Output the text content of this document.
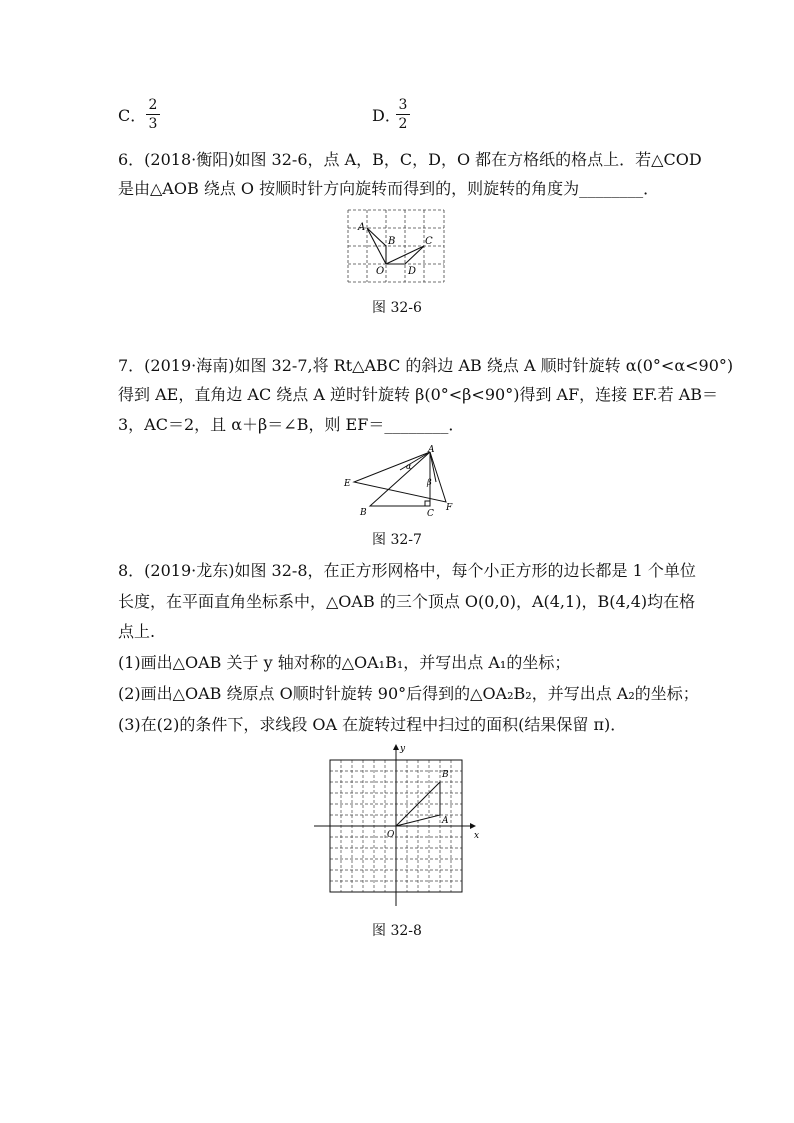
C．
2
3	D．
3
2
6．(2018·衡阳)如图 32-6，点 A，B，C，D，O 都在方格纸的格点上．若△COD
是由△AOB 绕点 O 按顺时针方向旋转而得到的，则旋转的角度为________．
A
B	C
O D
图 32-6
7．(2019·海南)如图 32-7,将 Rt△ABC 的斜边 AB 绕点 A 顺时针旋转 α(0°<α<90°)
得到 AE，直角边 AC 绕点 A 逆时针旋转 β(0°<β<90°)得到 AF，连接 EF.若 AB＝
3，AC＝2，且 α＋β＝∠B，则 EF＝________．
A
E
B	C
F
α
β
图 32-7
8．(2019·龙东)如图 32-8，在正方形网格中，每个小正方形的边长都是 1 个单位
长度，在平面直角坐标系中，△OAB 的三个顶点 O(0,0)，A(4,1)，B(4,4)均在格
点上.
(1)画出△OAB 关于 y 轴对称的△OA₁B₁，并写出点 A₁的坐标；
(2)画出△OAB 绕原点 O顺时针旋转 90°后得到的△OA₂B₂，并写出点 A₂的坐标；
(3)在(2)的条件下，求线段 OA 在旋转过程中扫过的面积(结果保留 π)．
y
x
O
A
B
图 32-8
